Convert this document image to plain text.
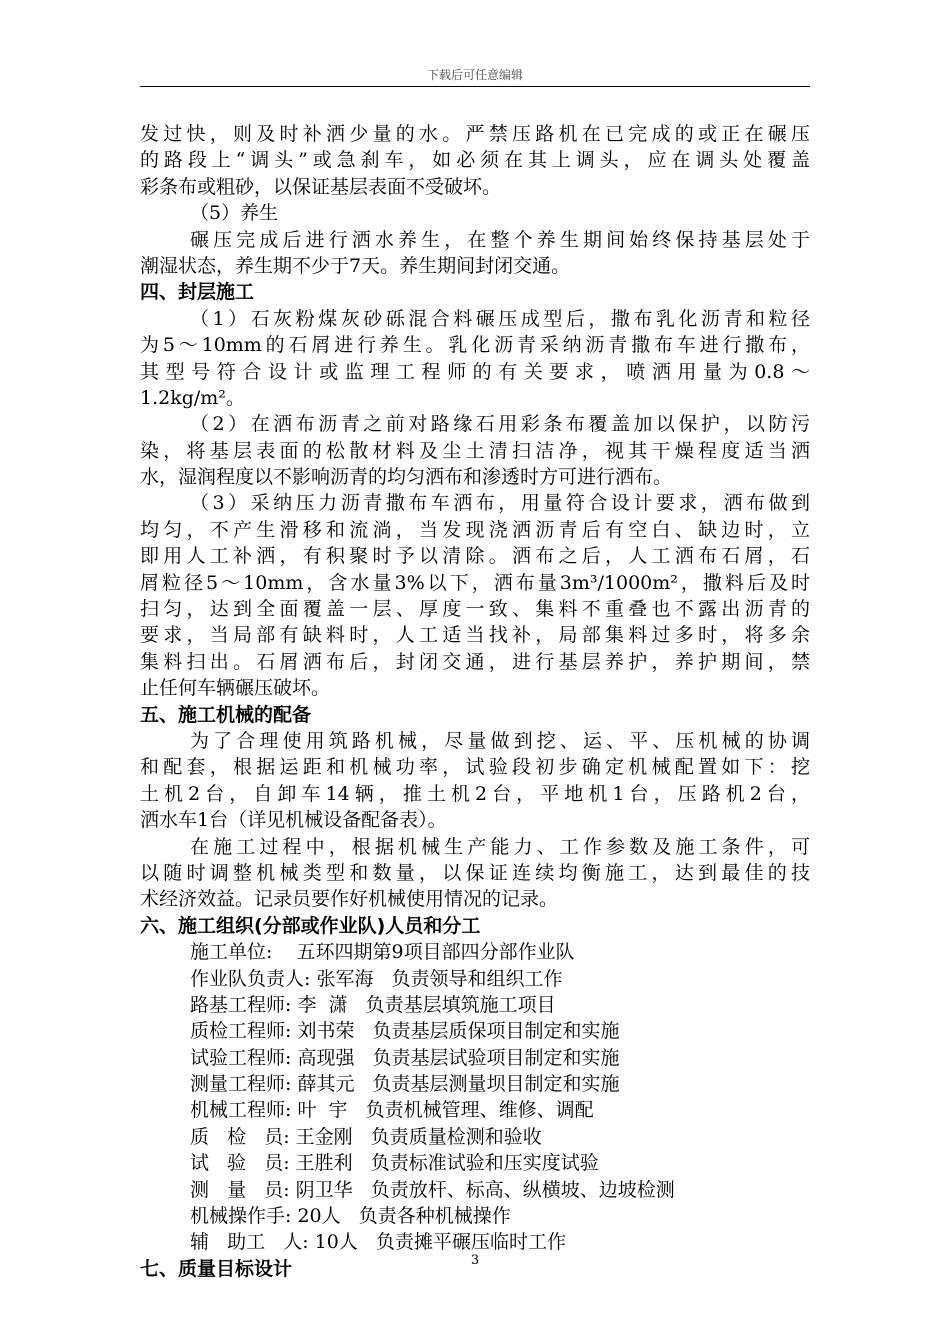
下载后可任意编辑
发过快，则及时补洒少量的水。严禁压路机在已完成的或正在碾压
的路段上“调头”或急刹车，如必须在其上调头，应在调头处覆盖
彩条布或粗砂，以保证基层表面不受破坏。
（5）养生
碾压完成后进行洒水养生，在整个养生期间始终保持基层处于
潮湿状态，养生期不少于7天。养生期间封闭交通。
四、封层施工
（1）石灰粉煤灰砂砾混合料碾压成型后，撒布乳化沥青和粒径
为5～10mm的石屑进行养生。乳化沥青采纳沥青撒布车进行撒布，
其型号符合设计或监理工程师的有关要求，喷洒用量为0.8～
1.2kg/m²。
（2）在洒布沥青之前对路缘石用彩条布覆盖加以保护，以防污
染，将基层表面的松散材料及尘土清扫洁净，视其干燥程度适当洒
水，湿润程度以不影响沥青的均匀洒布和渗透时方可进行洒布。
（3）采纳压力沥青撒布车洒布，用量符合设计要求，洒布做到
均匀，不产生滑移和流淌，当发现浇洒沥青后有空白、缺边时，立
即用人工补洒，有积聚时予以清除。洒布之后，人工洒布石屑，石
屑粒径5～10mm，含水量3%以下，洒布量3m³/1000m²，撒料后及时
扫匀，达到全面覆盖一层、厚度一致、集料不重叠也不露出沥青的
要求，当局部有缺料时，人工适当找补，局部集料过多时，将多余
集料扫出。石屑洒布后，封闭交通，进行基层养护，养护期间，禁
止任何车辆碾压破坏。
五、施工机械的配备
为了合理使用筑路机械，尽量做到挖、运、平、压机械的协调
和配套，根据运距和机械功率，试验段初步确定机械配置如下：挖
土机2台，自卸车14辆，推土机2台，平地机1台，压路机2台，
洒水车1台（详见机械设备配备表）。
在施工过程中，根据机械生产能力、工作参数及施工条件，可
以随时调整机械类型和数量，以保证连续均衡施工，达到最佳的技
术经济效益。记录员要作好机械使用情况的记录。
六、施工组织(分部或作业队)人员和分工
施工单位:    五环四期第9项目部四分部作业队
作业队负责人: 张军海   负责领导和组织工作
路基工程师: 李  潇   负责基层填筑施工项目
质检工程师: 刘书荣   负责基层质保项目制定和实施
试验工程师: 高现强   负责基层试验项目制定和实施
测量工程师: 薛其元   负责基层测量坝目制定和实施
机械工程师: 叶  宇   负责机械管理、维修、调配
质   检   员: 王金刚   负责质量检测和验收
试   验   员: 王胜利   负责标准试验和压实度试验
测   量   员: 阴卫华   负责放杆、标高、纵横坡、边坡检测
机械操作手: 20人   负责各种机械操作
辅   助工   人: 10人   负责摊平碾压临时工作
七、质量目标设计	3
